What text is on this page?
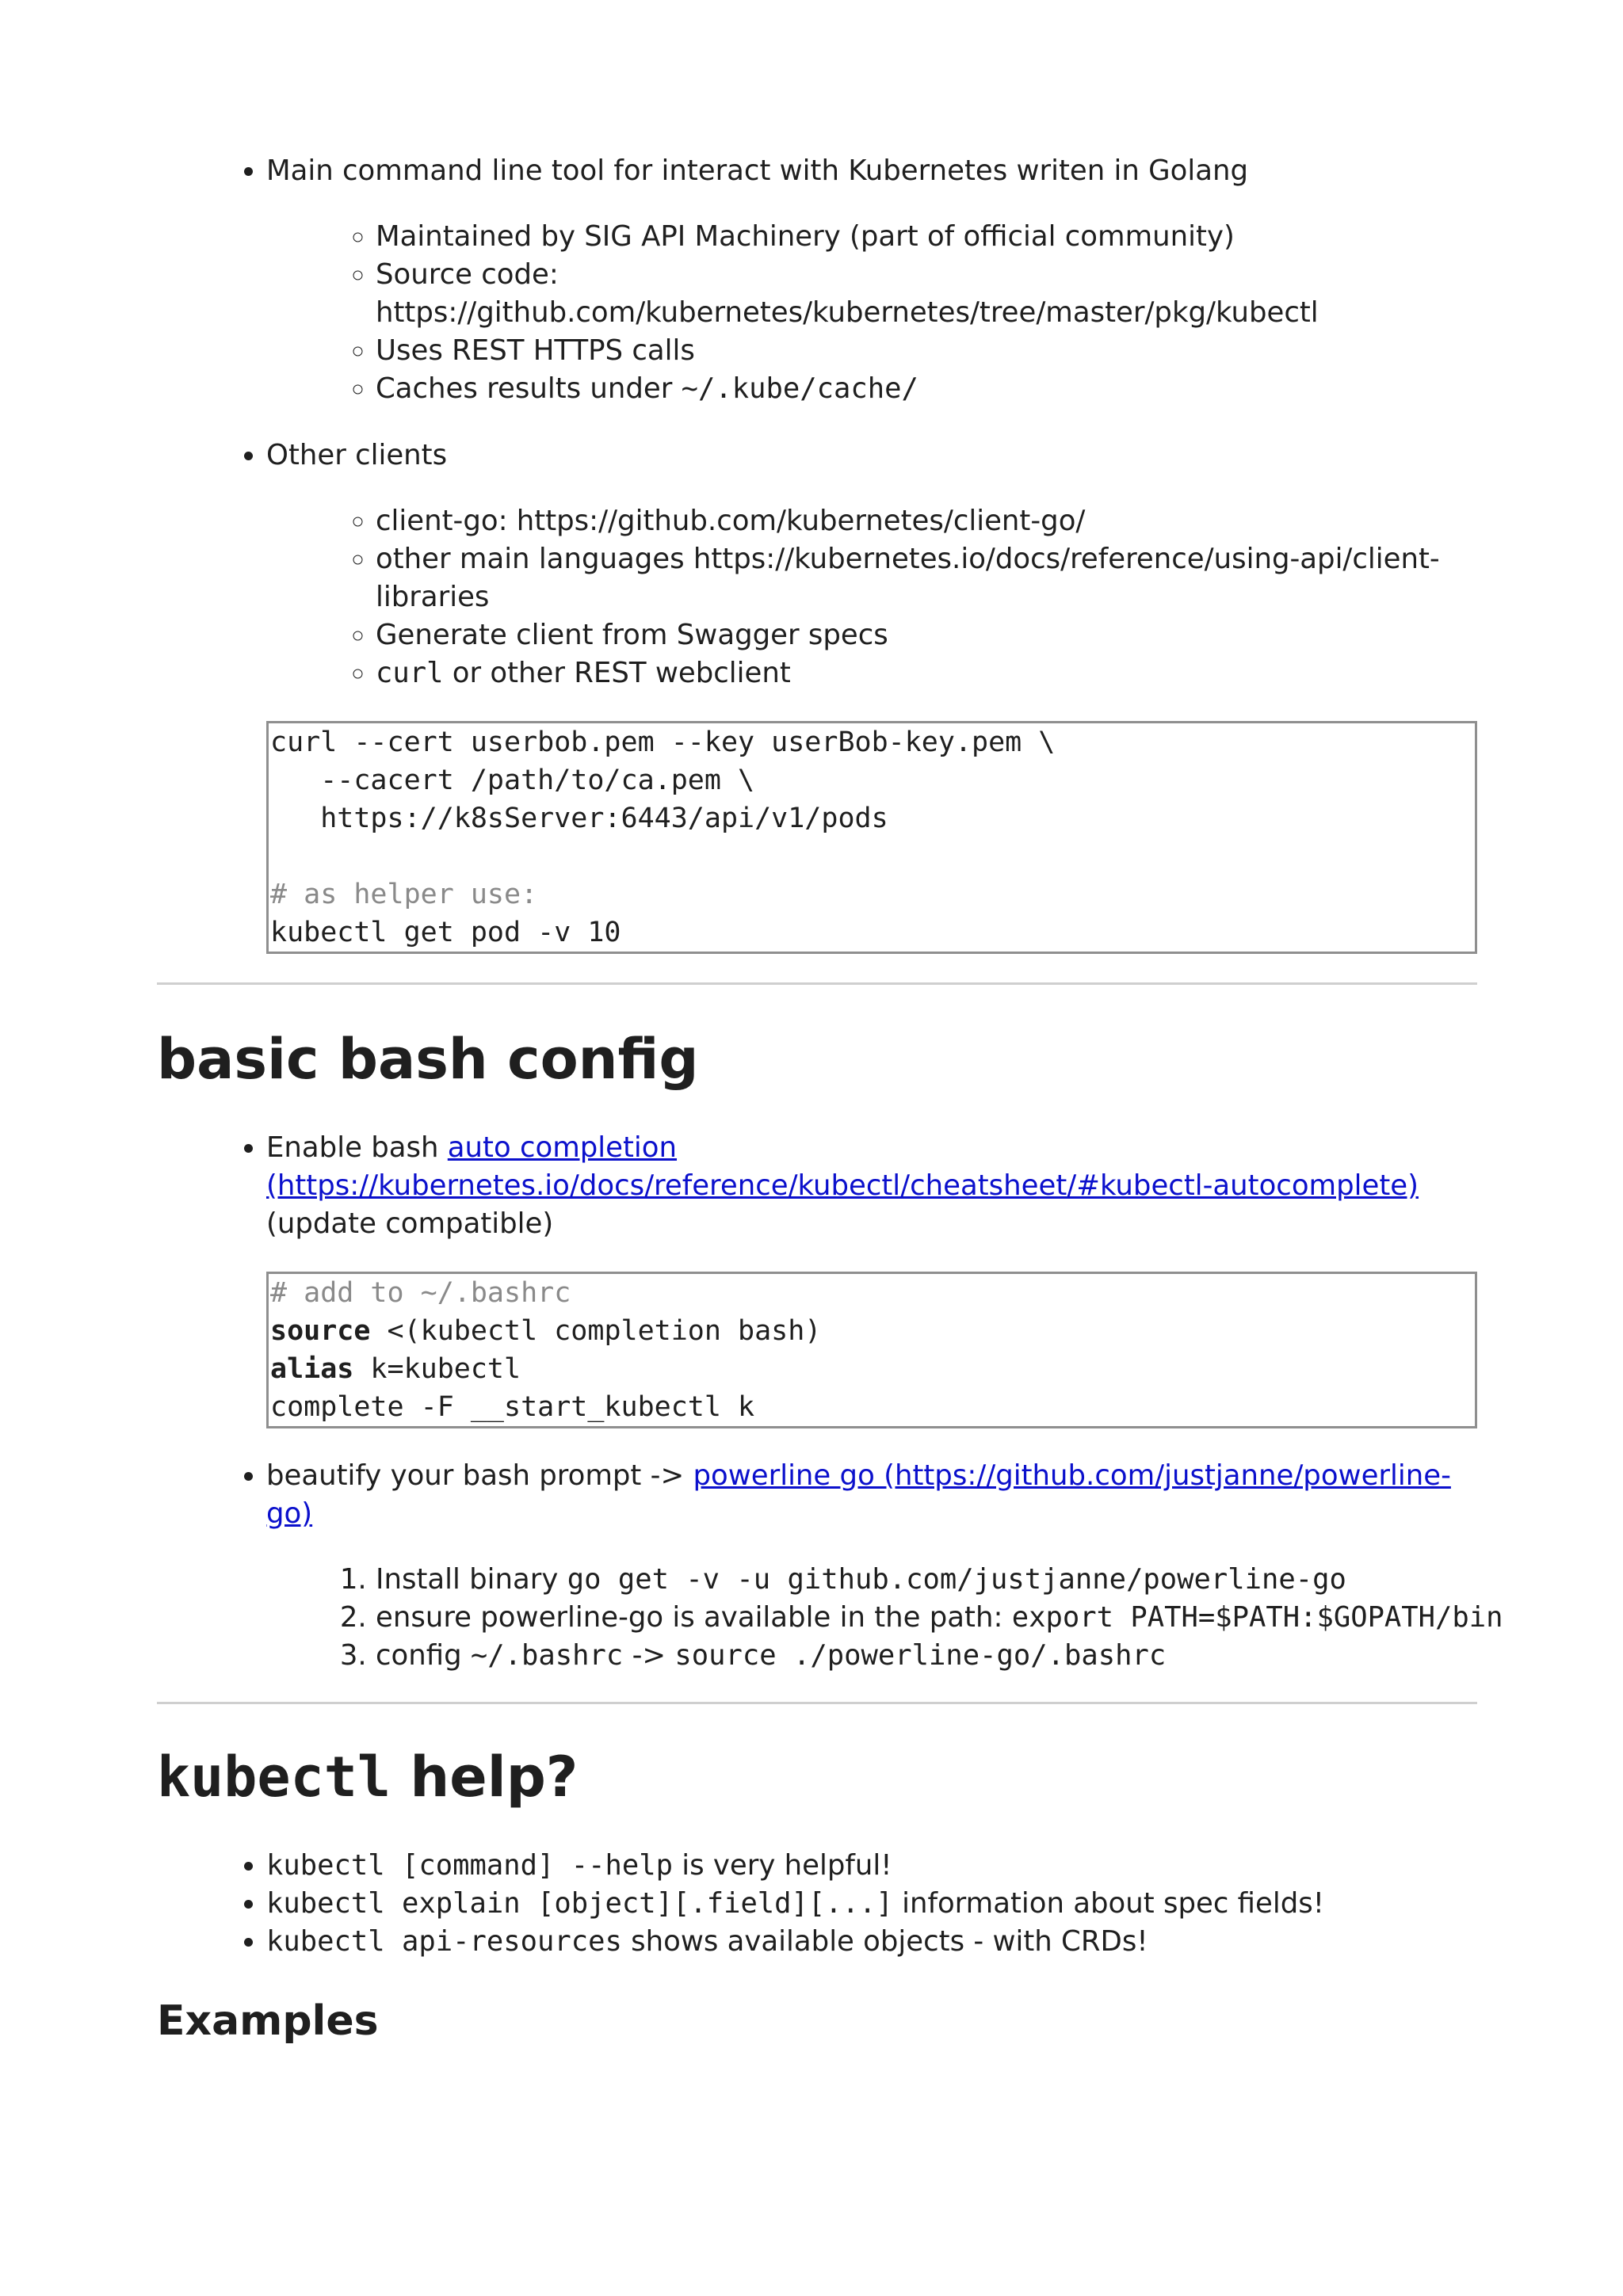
• Main command line tool for interact with Kubernetes writen in Golang
◦ Maintained by SIG API Machinery (part of official community)
◦ Source code:
https://github.com/kubernetes/kubernetes/tree/master/pkg/kubectl
◦ Uses REST HTTPS calls
◦ Caches results under ~/.kube/cache/
• Other clients
◦ client-go: https://github.com/kubernetes/client-go/
◦ other main languages https://kubernetes.io/docs/reference/using-api/client-libraries
◦ Generate client from Swagger specs
◦ curl or other REST webclient
curl --cert userbob.pem --key userBob-key.pem \
--cacert /path/to/ca.pem \
https://k8sServer:6443/api/v1/pods

# as helper use:
kubectl get pod -v 10
basic bash config
• Enable bash auto completion (https://kubernetes.io/docs/reference/kubectl/cheatsheet/#kubectl-autocomplete)
(update compatible)
# add to ~/.bashrc
source <(kubectl completion bash)
alias k=kubectl
complete -F __start_kubectl k
• beautify your bash prompt -> powerline go (https://github.com/justjanne/powerline-go)
1. Install binary go get -v -u github.com/justjanne/powerline-go
2. ensure powerline-go is available in the path: export PATH=$PATH:$GOPATH/bin
3. config ~/.bashrc -> source ./powerline-go/.bashrc
kubectl help?
• kubectl [command] --help is very helpful!
• kubectl explain [object][.field][...] information about spec fields!
• kubectl api-resources shows available objects - with CRDs!
Examples
